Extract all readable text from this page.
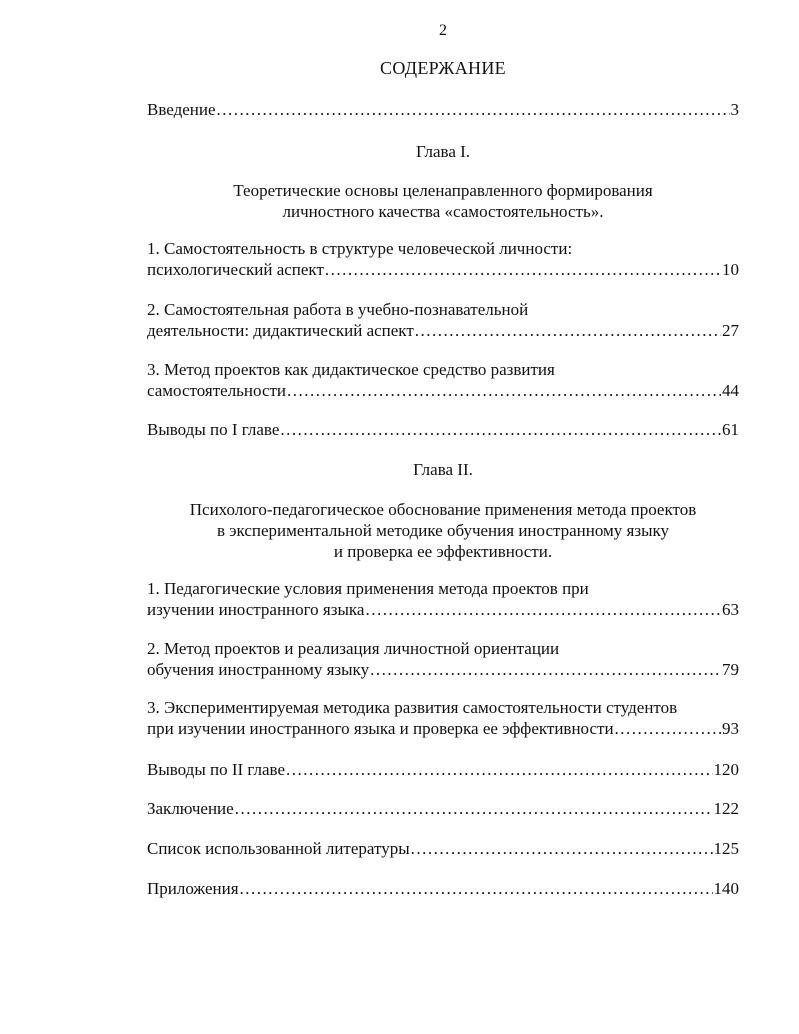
2
СОДЕРЖАНИЕ
Введение .....	3
Глава I.
Теоретические основы целенаправленного формирования
личностного качества «самостоятельность».
1. Самостоятельность в структуре человеческой личности:
психологический аспект .....	10
2. Самостоятельная работа в учебно-познавательной
деятельности: дидактический аспект .....	27
3. Метод проектов как дидактическое средство развития
самостоятельности .....	44
Выводы по I главе .....	61
Глава II.
Психолого-педагогическое обоснование применения метода проектов
в экспериментальной методике обучения иностранному языку
и проверка ее эффективности.
1. Педагогические условия применения метода проектов при
изучении иностранного языка .....	63
2. Метод проектов и реализация личностной ориентации
обучения иностранному языку .....	79
3. Экспериментируемая методика развития самостоятельности студентов
при изучении иностранного языка и проверка ее эффективности .....	93
Выводы по II главе .....	120
Заключение .....	122
Список использованной литературы .....	125
Приложения .....	140
